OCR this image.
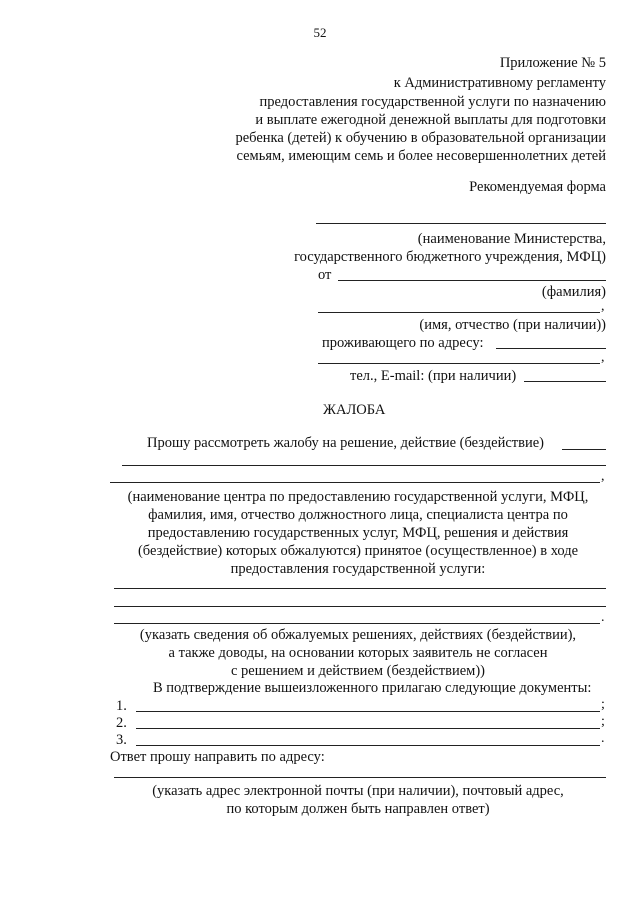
52
Приложение № 5
к Административному регламенту
предоставления государственной услуги по назначению
и выплате ежегодной денежной выплаты для подготовки
ребенка (детей) к обучению в образовательной организации
семьям, имеющим семь и более несовершеннолетних детей
Рекомендуемая форма
(наименование Министерства,
государственного бюджетного учреждения, МФЦ)
от
(фамилия)
,
(имя, отчество (при наличии))
проживающего по адресу:
,
тел., E-mail: (при наличии)
ЖАЛОБА
Прошу рассмотреть жалобу на решение, действие (бездействие)
,
(наименование центра по предоставлению государственной услуги, МФЦ,
фамилия, имя, отчество должностного лица, специалиста центра по
предоставлению государственных услуг, МФЦ, решения и действия
(бездействие) которых обжалуются) принятое (осуществленное) в ходе
предоставления государственной услуги:
.
(указать сведения об обжалуемых решениях, действиях (бездействии),
а также доводы, на основании которых заявитель не согласен
с решением и действием (бездействием))
В подтверждение вышеизложенного прилагаю следующие документы:
1.	;
2.	;
3.	.
Ответ прошу направить по адресу:
(указать адрес электронной почты (при наличии), почтовый адрес,
по которым должен быть направлен ответ)
